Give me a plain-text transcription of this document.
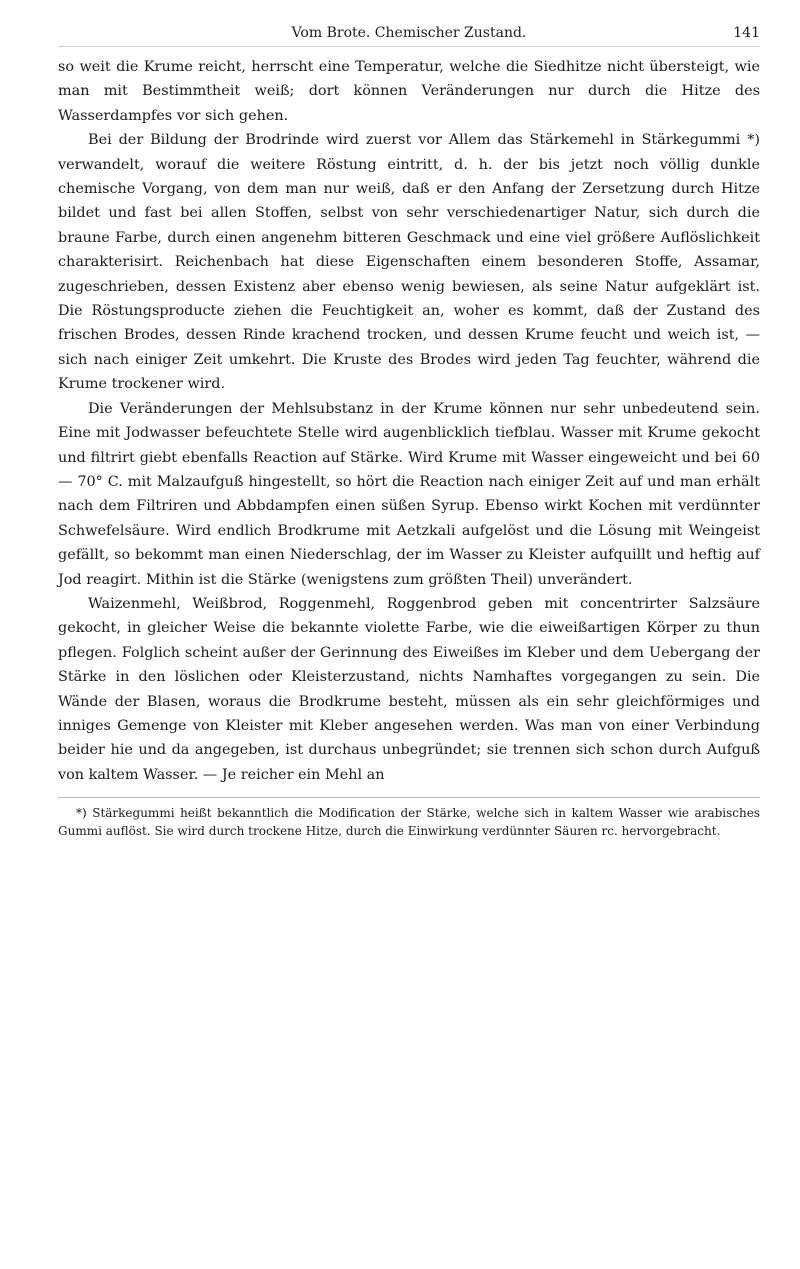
Vom Brote. Chemischer Zustand.	141

so weit die Krume reicht, herrscht eine Temperatur, welche die Siedhitze nicht übersteigt, wie man mit Bestimmtheit weiß; dort können Veränderungen nur durch die Hitze des Wasserdampfes vor sich gehen.

Bei der Bildung der Brodrinde wird zuerst vor Allem das Stärkemehl in Stärkegummi *) verwandelt, worauf die weitere Röstung eintritt, d. h. der bis jetzt noch völlig dunkle chemische Vorgang, von dem man nur weiß, daß er den Anfang der Zersetzung durch Hitze bildet und fast bei allen Stoffen, selbst von sehr verschiedenartiger Natur, sich durch die braune Farbe, durch einen angenehm bitteren Geschmack und eine viel größere Auflöslichkeit charakterisirt. Reichenbach hat diese Eigenschaften einem besonderen Stoffe, Assamar, zugeschrieben, dessen Existenz aber ebenso wenig bewiesen, als seine Natur aufgeklärt ist. Die Röstungsproducte ziehen die Feuchtigkeit an, woher es kommt, daß der Zustand des frischen Brodes, dessen Rinde krachend trocken, und dessen Krume feucht und weich ist, — sich nach einiger Zeit umkehrt. Die Kruste des Brodes wird jeden Tag feuchter, während die Krume trockener wird.

Die Veränderungen der Mehlsubstanz in der Krume können nur sehr unbedeutend sein. Eine mit Jodwasser befeuchtete Stelle wird augenblicklich tiefblau. Wasser mit Krume gekocht und filtrirt giebt ebenfalls Reaction auf Stärke. Wird Krume mit Wasser eingeweicht und bei 60 — 70° C. mit Malzaufguß hingestellt, so hört die Reaction nach einiger Zeit auf und man erhält nach dem Filtriren und Abbdampfen einen süßen Syrup. Ebenso wirkt Kochen mit verdünnter Schwefelsäure. Wird endlich Brodkrume mit Aetzkali aufgelöst und die Lösung mit Weingeist gefällt, so bekommt man einen Niederschlag, der im Wasser zu Kleister aufquillt und heftig auf Jod reagirt. Mithin ist die Stärke (wenigstens zum größten Theil) unverändert.

Waizenmehl, Weißbrod, Roggenmehl, Roggenbrod geben mit concentrirter Salzsäure gekocht, in gleicher Weise die bekannte violette Farbe, wie die eiweißartigen Körper zu thun pflegen. Folglich scheint außer der Gerinnung des Eiweißes im Kleber und dem Uebergang der Stärke in den löslichen oder Kleisterzustand, nichts Namhaftes vorgegangen zu sein. Die Wände der Blasen, woraus die Brodkrume besteht, müssen als ein sehr gleichförmiges und inniges Gemenge von Kleister mit Kleber angesehen werden. Was man von einer Verbindung beider hie und da angegeben, ist durchaus unbegründet; sie trennen sich schon durch Aufguß von kaltem Wasser. — Je reicher ein Mehl an

*) Stärkegummi heißt bekanntlich die Modification der Stärke, welche sich in kaltem Wasser wie arabisches Gummi auflöst. Sie wird durch trockene Hitze, durch die Einwirkung verdünnter Säuren rc. hervorgebracht.
